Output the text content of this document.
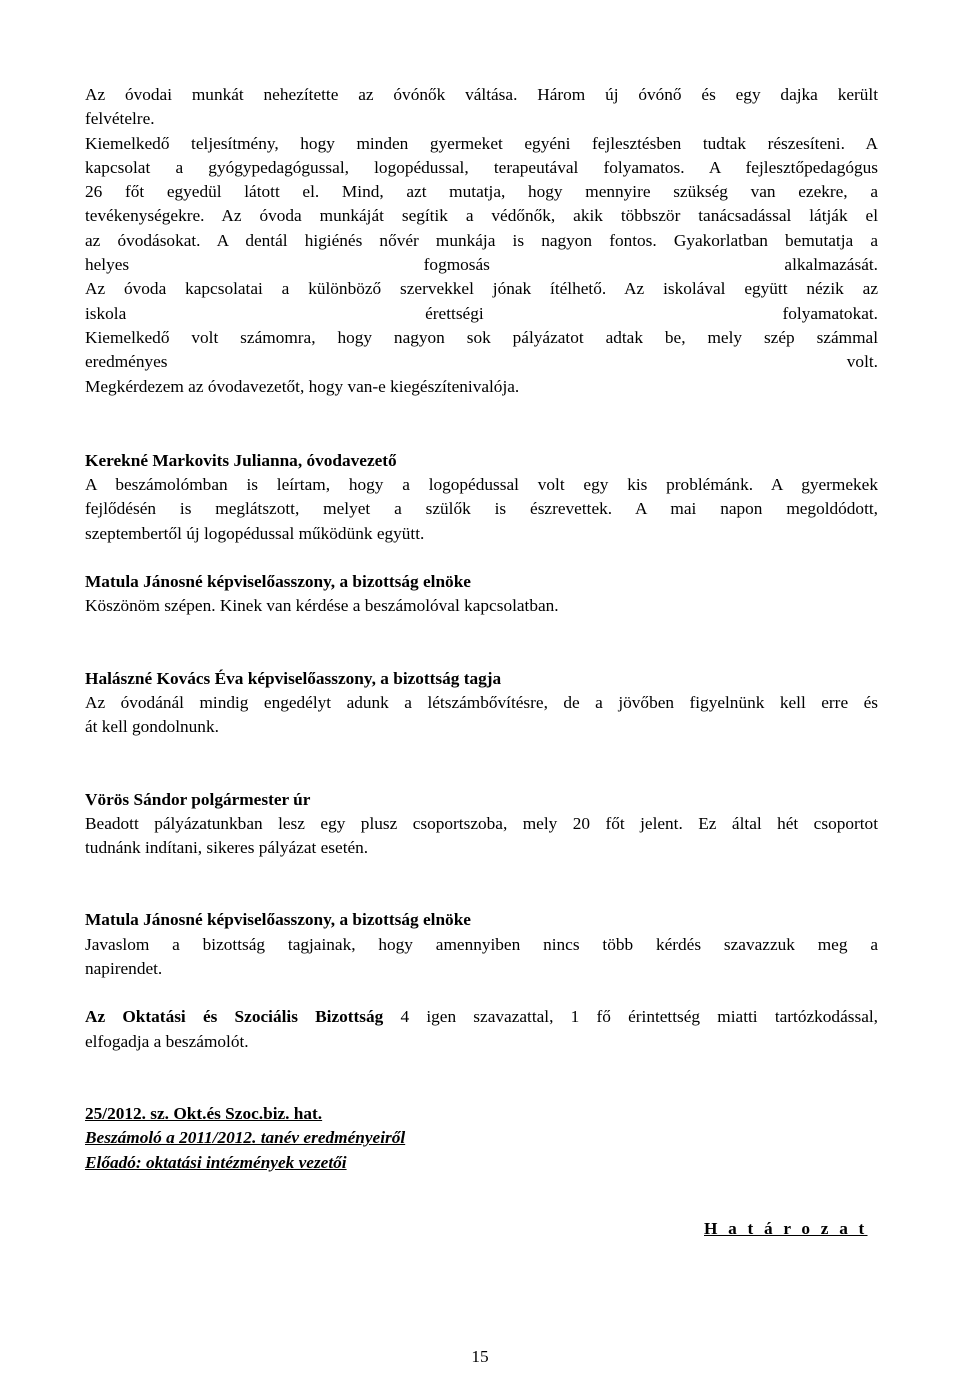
Az óvodai munkát nehezítette az óvónők váltása. Három új óvónő és egy dajka került
felvételre.
Kiemelkedő teljesítmény, hogy minden gyermeket egyéni fejlesztésben tudtak részesíteni. A
kapcsolat a gyógypedagógussal, logopédussal, terapeutával folyamatos. A fejlesztőpedagógus
26 főt egyedül látott el. Mind, azt mutatja, hogy mennyire szükség van ezekre, a
tevékenységekre. Az óvoda munkáját segítik a védőnők, akik többször tanácsadással látják el
az óvodásokat. A dentál higiénés nővér munkája is nagyon fontos. Gyakorlatban bemutatja a
helyes fogmosás alkalmazását.
Az óvoda kapcsolatai a különböző szervekkel jónak ítélhető. Az iskolával együtt nézik az
iskola érettségi folyamatokat.
Kiemelkedő volt számomra, hogy nagyon sok pályázatot adtak be, mely szép számmal
eredményes volt.
Megkérdezem az óvodavezetőt, hogy van-e kiegészítenivalója.

Kerekné Markovits Julianna, óvodavezető

A beszámolómban is leírtam, hogy a logopédussal volt egy kis problémánk. A gyermekek
fejlődésén is meglátszott, melyet a szülők is észrevettek. A mai napon megoldódott,
szeptembertől új logopédussal működünk együtt.

Matula Jánosné képviselőasszony, a bizottság elnöke

Köszönöm szépen. Kinek van kérdése a beszámolóval kapcsolatban.

Halászné Kovács Éva képviselőasszony, a bizottság tagja

Az óvodánál mindig engedélyt adunk a létszámbővítésre, de a jövőben figyelnünk kell erre és
át kell gondolnunk.

Vörös Sándor polgármester úr

Beadott pályázatunkban lesz egy plusz csoportszoba, mely 20 főt jelent. Ez által hét csoportot
tudnánk indítani, sikeres pályázat esetén.

Matula Jánosné képviselőasszony, a bizottság elnöke

Javaslom a bizottság tagjainak, hogy amennyiben nincs több kérdés szavazzuk meg a
napirendet.
Az Oktatási és Szociális Bizottság 4 igen szavazattal, 1 fő érintettség miatti tartózkodással,
elfogadja a beszámolót.

25/2012. sz. Okt.és Szoc.biz. hat.

Beszámoló a 2011/2012. tanév eredményeiről

Előadó: oktatási intézmények vezetői

H a t á r o z a t

15
